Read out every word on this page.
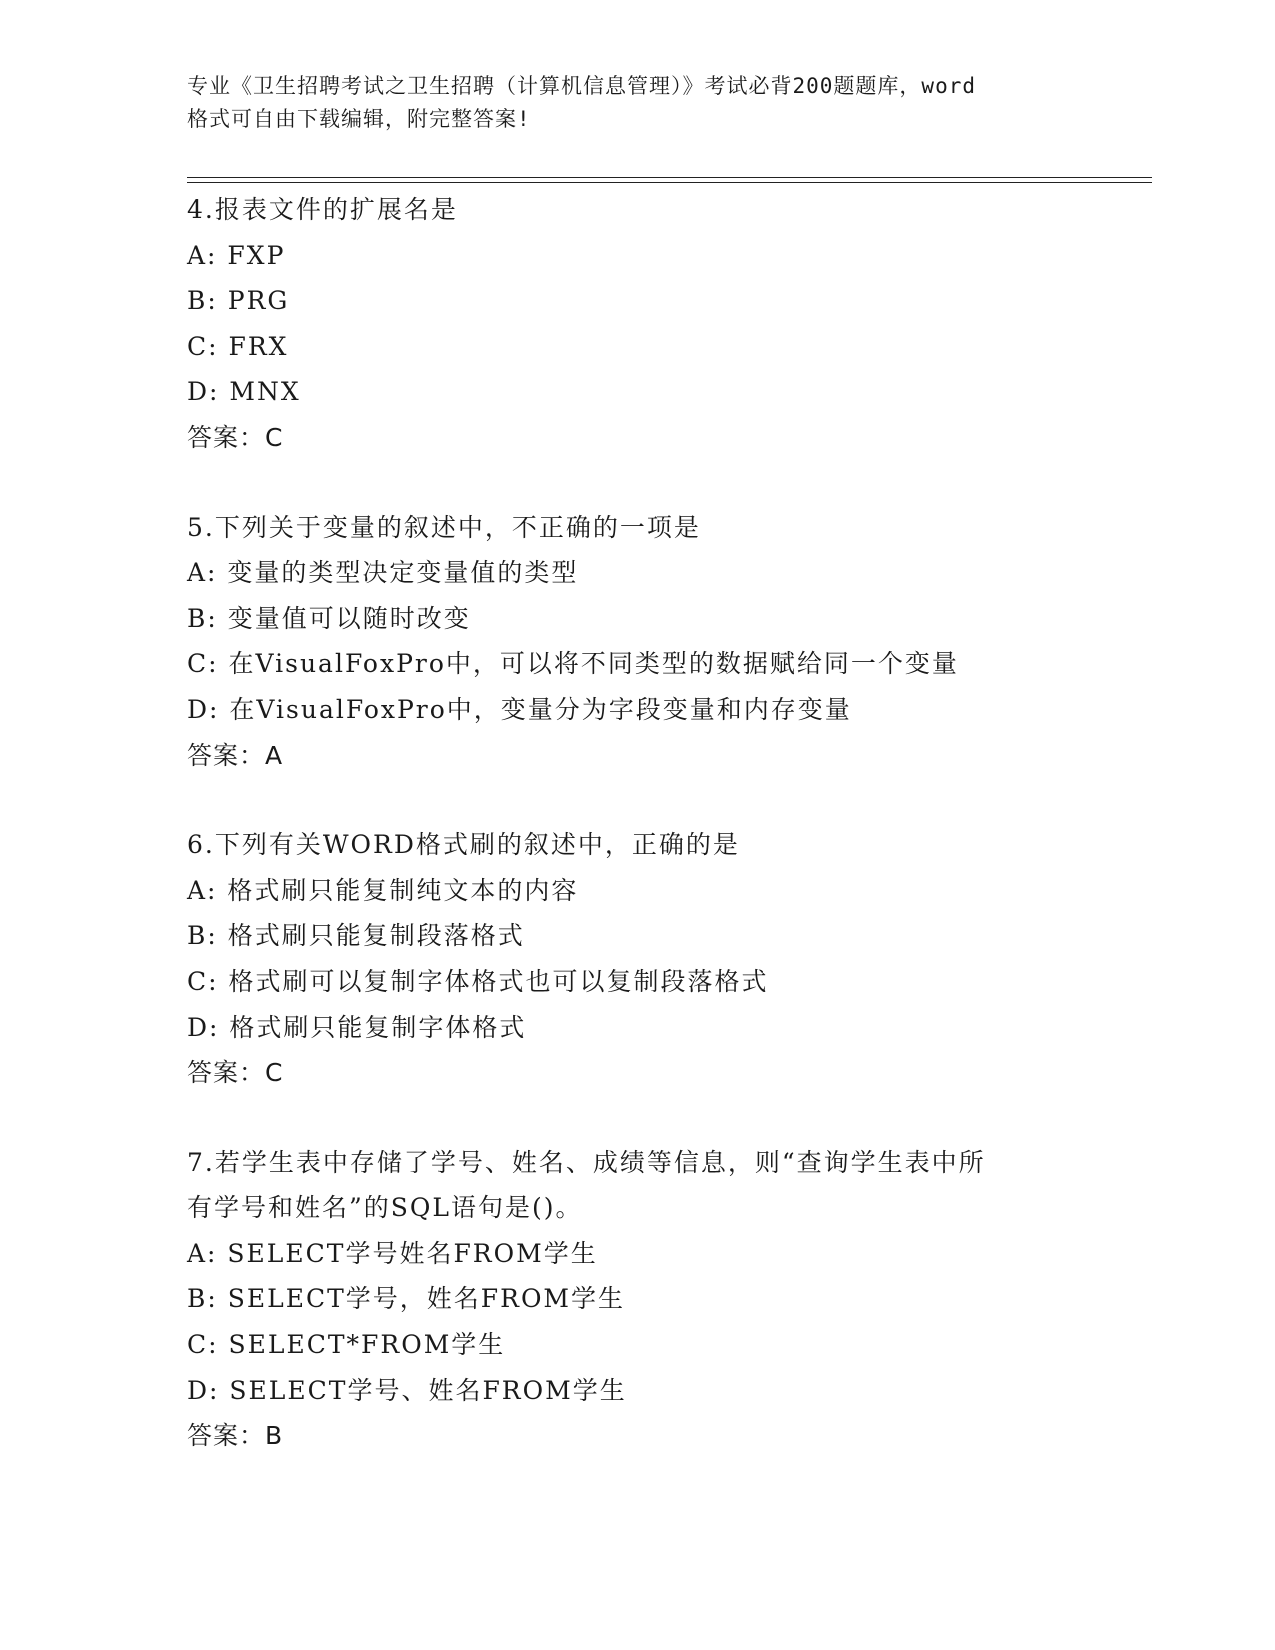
专业《卫生招聘考试之卫生招聘（计算机信息管理）》考试必背200题题库，word
格式可自由下载编辑，附完整答案!
4.报表文件的扩展名是
A: FXP
B: PRG
C: FRX
D: MNX
答案：C
5.下列关于变量的叙述中，不正确的一项是
A: 变量的类型决定变量值的类型
B: 变量值可以随时改变
C: 在VisualFoxPro中，可以将不同类型的数据赋给同一个变量
D: 在VisualFoxPro中，变量分为字段变量和内存变量
答案：A
6.下列有关WORD格式刷的叙述中，正确的是
A: 格式刷只能复制纯文本的内容
B: 格式刷只能复制段落格式
C: 格式刷可以复制字体格式也可以复制段落格式
D: 格式刷只能复制字体格式
答案：C
7.若学生表中存储了学号、姓名、成绩等信息，则“查询学生表中所
有学号和姓名”的SQL语句是()。
A: SELECT学号姓名FROM学生
B: SELECT学号，姓名FROM学生
C: SELECT*FROM学生
D: SELECT学号、姓名FROM学生
答案：B
